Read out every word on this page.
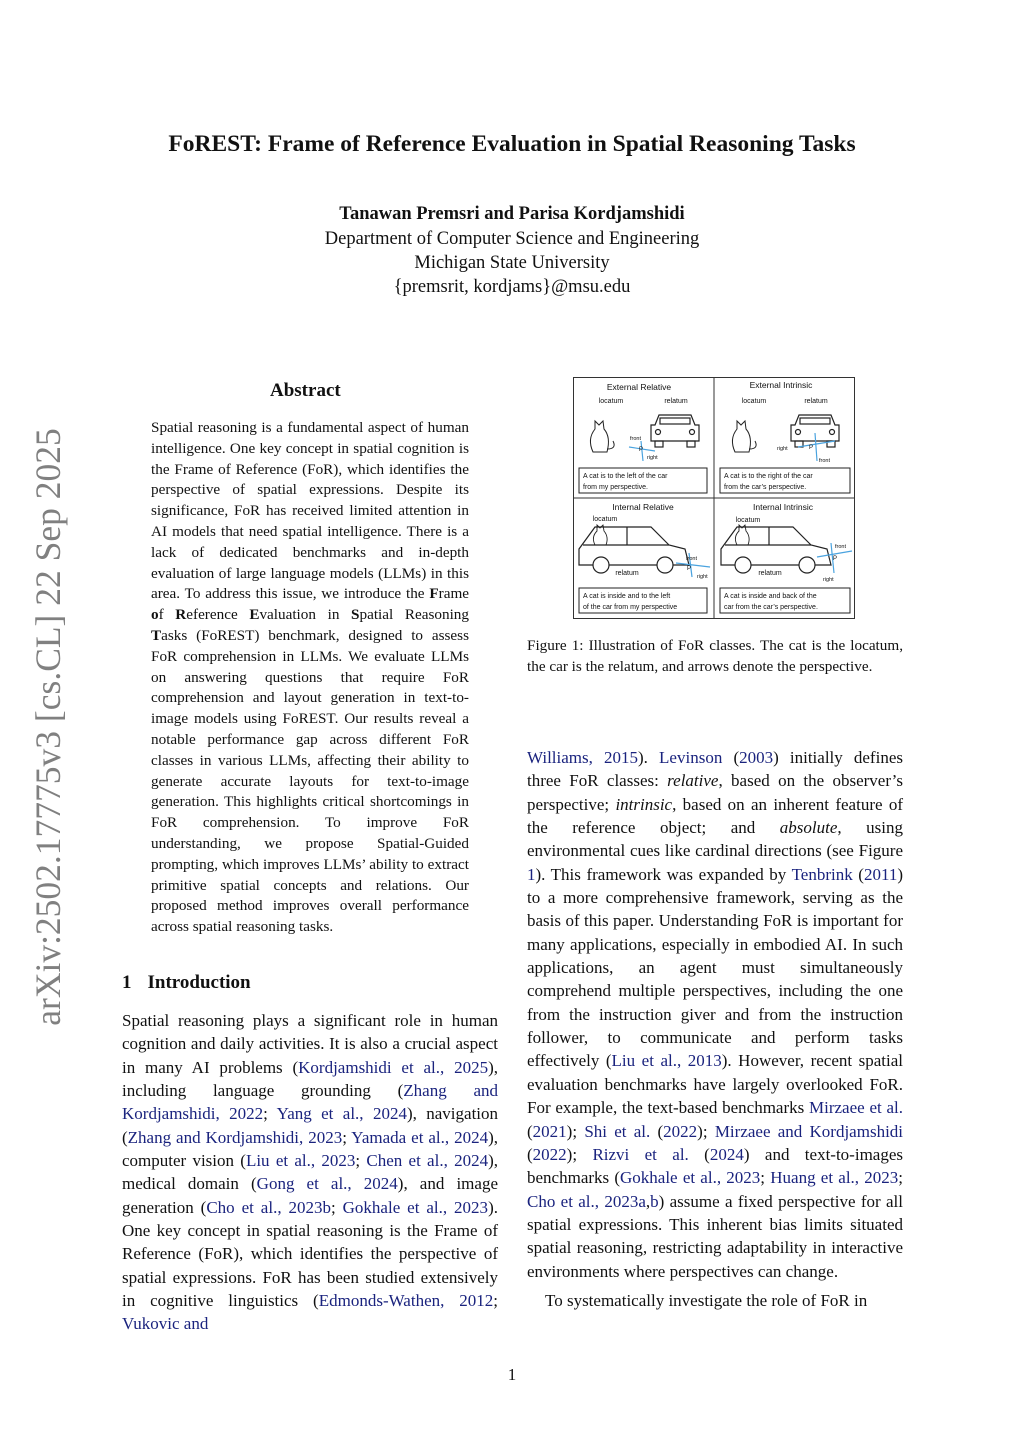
arXiv:2502.17775v3 [cs.CL] 22 Sep 2025
FoREST: Frame of Reference Evaluation in Spatial Reasoning Tasks
Tanawan Premsri and Parisa Kordjamshidi
Department of Computer Science and Engineering
Michigan State University
{premsrit, kordjams}@msu.edu
Abstract
Spatial reasoning is a fundamental aspect of human intelligence. One key concept in spatial cognition is the Frame of Reference (FoR), which identifies the perspective of spatial expressions. Despite its significance, FoR has received limited attention in AI models that need spatial intelligence. There is a lack of dedicated benchmarks and in-depth evaluation of large language models (LLMs) in this area. To address this issue, we introduce the Frame of Reference Evaluation in Spatial Reasoning Tasks (FoREST) benchmark, designed to assess FoR comprehension in LLMs. We evaluate LLMs on answering questions that require FoR comprehension and layout generation in text-to-image models using FoREST. Our results reveal a notable performance gap across different FoR classes in various LLMs, affecting their ability to generate accurate layouts for text-to-image generation. This highlights critical shortcomings in FoR comprehension. To improve FoR understanding, we propose Spatial-Guided prompting, which improves LLMs’ ability to extract primitive spatial concepts and relations. Our proposed method improves overall performance across spatial reasoning tasks.
1 Introduction

Spatial reasoning plays a significant role in human cognition and daily activities. It is also a crucial aspect in many AI problems (Kordjamshidi et al., 2025), including language grounding (Zhang and Kordjamshidi, 2022; Yang et al., 2024), navigation (Zhang and Kordjamshidi, 2023; Yamada et al., 2024), computer vision (Liu et al., 2023; Chen et al., 2024), medical domain (Gong et al., 2024), and image generation (Cho et al., 2023b; Gokhale et al., 2023). One key concept in spatial reasoning is the Frame of Reference (FoR), which identifies the perspective of spatial expressions. FoR has been studied extensively in cognitive linguistics (Edmonds-Wathen, 2012; Vukovic and

External Relative
locatum	relatum
front
P
right
A cat is to the left of the car
from my perspective.
External Intrinsic
locatum	relatum
right	P
front
A cat is to the right of the car
from the car’s perspective.
Internal Relative
locatum
relatum
front
P
right
A cat is inside and to the left
of the car from my perspective
Internal Intrinsic
locatum
relatum
front
P
right
A cat is inside and back of the
car from the car’s perspective.
Figure 1: Illustration of FoR classes. The cat is the locatum, the car is the relatum, and arrows denote the perspective.

Williams, 2015). Levinson (2003) initially defines three FoR classes: relative, based on the observer’s perspective; intrinsic, based on an inherent feature of the reference object; and absolute, using environmental cues like cardinal directions (see Figure 1). This framework was expanded by Tenbrink (2011) to a more comprehensive framework, serving as the basis of this paper. Understanding FoR is important for many applications, especially in embodied AI. In such applications, an agent must simultaneously comprehend multiple perspectives, including the one from the instruction giver and from the instruction follower, to communicate and perform tasks effectively (Liu et al., 2013). However, recent spatial evaluation benchmarks have largely overlooked FoR. For example, the text-based benchmarks Mirzaee et al. (2021); Shi et al. (2022); Mirzaee and Kordjamshidi (2022); Rizvi et al. (2024) and text-to-images benchmarks (Gokhale et al., 2023; Huang et al., 2023; Cho et al., 2023a,b) assume a fixed perspective for all spatial expressions. This inherent bias limits situated spatial reasoning, restricting adaptability in interactive environments where perspectives can change.

To systematically investigate the role of FoR in

1
